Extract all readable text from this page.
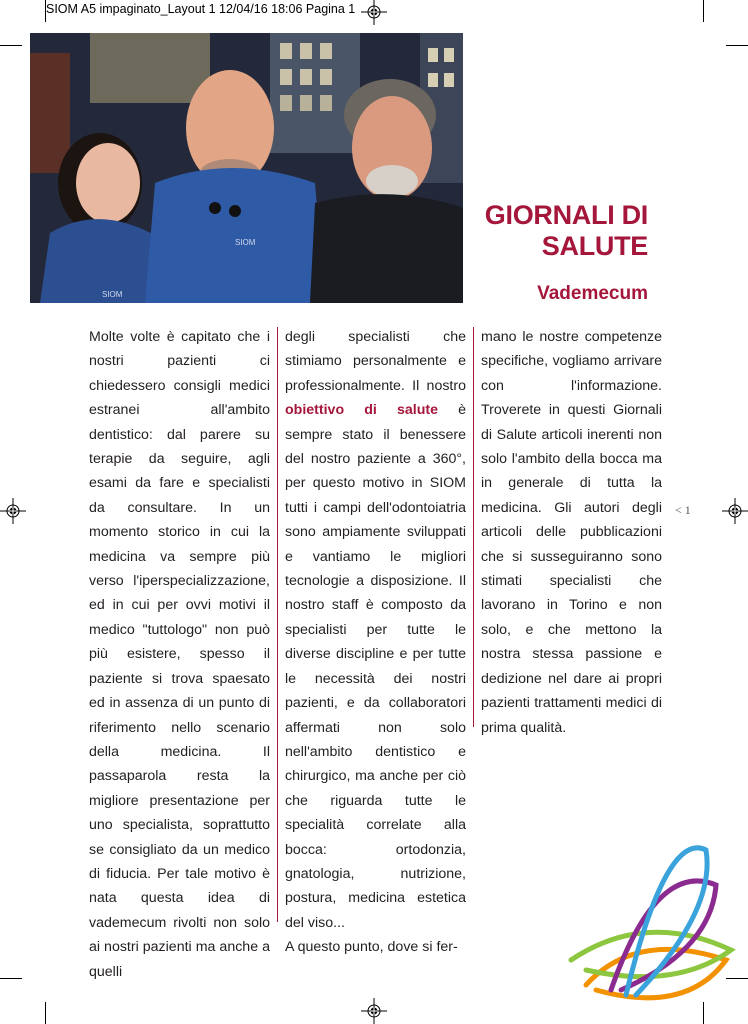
SIOM A5 impaginato_Layout 1 12/04/16 18:06 Pagina 1
SIOM
SIOM
GIORNALI DI
SALUTE
Vademecum

Molte volte è capitato che i nostri pazienti ci chiedessero consigli medici estranei all'ambito dentistico: dal parere su terapie da seguire, agli esami da fare e specialisti da consultare. In un momento storico in cui la medicina va sempre più verso l'iperspecializzazione, ed in cui per ovvi motivi il medico "tuttologo" non può più esistere, spesso il paziente si trova spaesato ed in assenza di un punto di riferimento nello scenario della medicina. Il passaparola resta la migliore presentazione per uno specialista, soprattutto se consigliato da un medico di fiducia. Per tale motivo è nata questa idea di vademecum rivolti non solo ai nostri pazienti ma anche a quelli

degli specialisti che stimiamo personalmente e professionalmente. Il nostro obiettivo di salute è sempre stato il benessere del nostro paziente a 360°, per questo motivo in SIOM tutti i campi dell'odontoiatria sono ampiamente sviluppati e vantiamo le migliori tecnologie a disposizione. Il nostro staff è composto da specialisti per tutte le diverse discipline e per tutte le necessità dei nostri pazienti, e da collaboratori affermati non solo nell'ambito dentistico e chirurgico, ma anche per ciò che riguarda tutte le specialità correlate alla bocca: ortodonzia, gnatologia, nutrizione, postura, medicina estetica del viso...

A questo punto, dove si fer-

mano le nostre competenze specifiche, vogliamo arrivare con l'informazione. Troverete in questi Giornali di Salute articoli inerenti non solo l'ambito della bocca ma in generale di tutta la medicina. Gli autori degli articoli delle pubblicazioni che si susseguiranno sono stimati specialisti che lavorano in Torino e non solo, e che mettono la nostra stessa passione e dedizione nel dare ai propri pazienti trattamenti medici di prima qualità.

< 1
